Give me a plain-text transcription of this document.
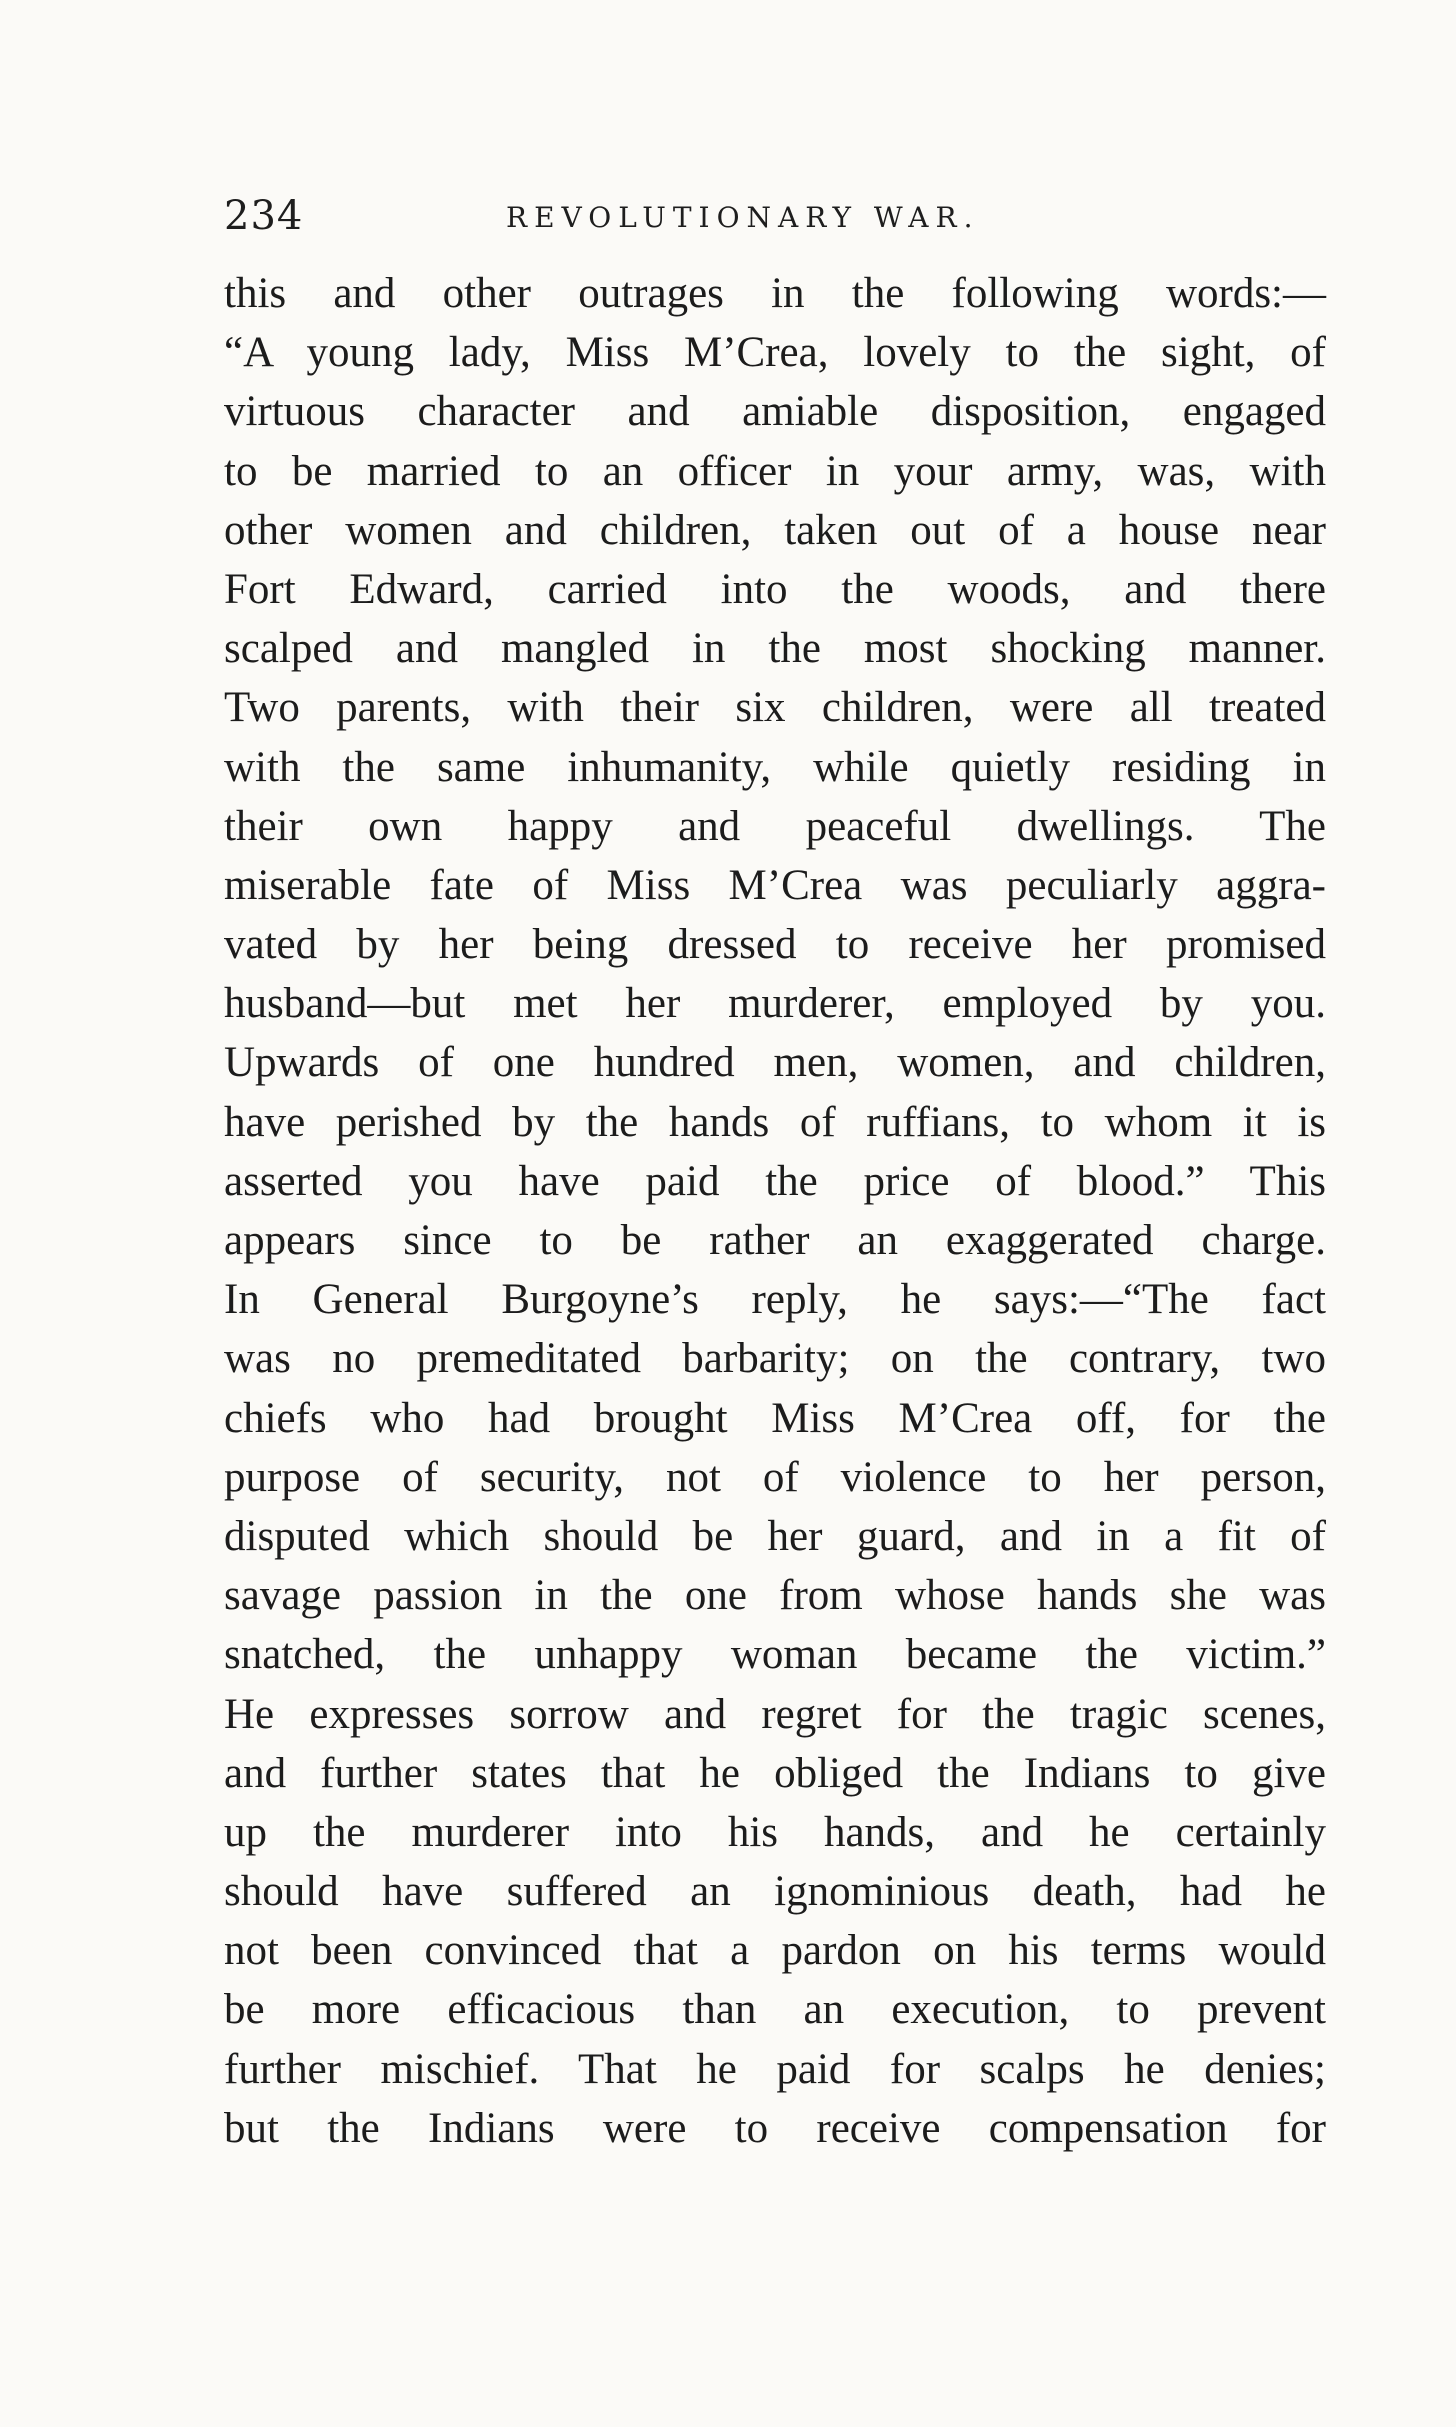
234	REVOLUTIONARY WAR.
this and other outrages in the following words:—
“A young lady, Miss M’Crea, lovely to the sight, of
virtuous character and amiable disposition, engaged
to be married to an officer in your army, was, with
other women and children, taken out of a house near
Fort Edward, carried into the woods, and there
scalped and mangled in the most shocking manner.
Two parents, with their six children, were all treated
with the same inhumanity, while quietly residing in
their own happy and peaceful dwellings. The
miserable fate of Miss M’Crea was peculiarly aggra-
vated by her being dressed to receive her promised
husband—but met her murderer, employed by you.
Upwards of one hundred men, women, and children,
have perished by the hands of ruffians, to whom it is
asserted you have paid the price of blood.” This
appears since to be rather an exaggerated charge.
In General Burgoyne’s reply, he says:—“The fact
was no premeditated barbarity; on the contrary, two
chiefs who had brought Miss M’Crea off, for the
purpose of security, not of violence to her person,
disputed which should be her guard, and in a fit of
savage passion in the one from whose hands she was
snatched, the unhappy woman became the victim.”
He expresses sorrow and regret for the tragic scenes,
and further states that he obliged the Indians to give
up the murderer into his hands, and he certainly
should have suffered an ignominious death, had he
not been convinced that a pardon on his terms would
be more efficacious than an execution, to prevent
further mischief. That he paid for scalps he denies;
but the Indians were to receive compensation for
